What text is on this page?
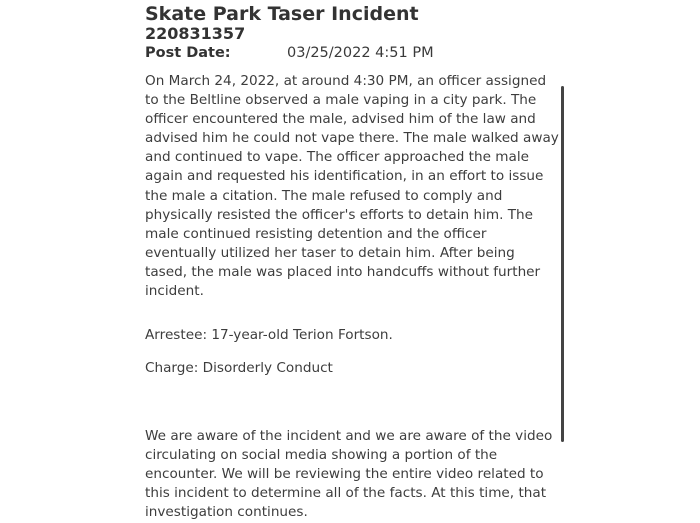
Skate Park Taser Incident
220831357
Post Date:	03/25/2022 4:51 PM

On March 24, 2022, at around 4:30 PM, an officer assigned to the Beltline observed a male vaping in a city park. The officer encountered the male, advised him of the law and advised him he could not vape there. The male walked away and continued to vape. The officer approached the male again and requested his identification, in an effort to issue the male a citation. The male refused to comply and physically resisted the officer's efforts to detain him. The male continued resisting detention and the officer eventually utilized her taser to detain him. After being tased, the male was placed into handcuffs without further incident.

Arrestee: 17-year-old Terion Fortson.

Charge: Disorderly Conduct

We are aware of the incident and we are aware of the video circulating on social media showing a portion of the encounter. We will be reviewing the entire video related to this incident to determine all of the facts. At this time, that investigation continues.
